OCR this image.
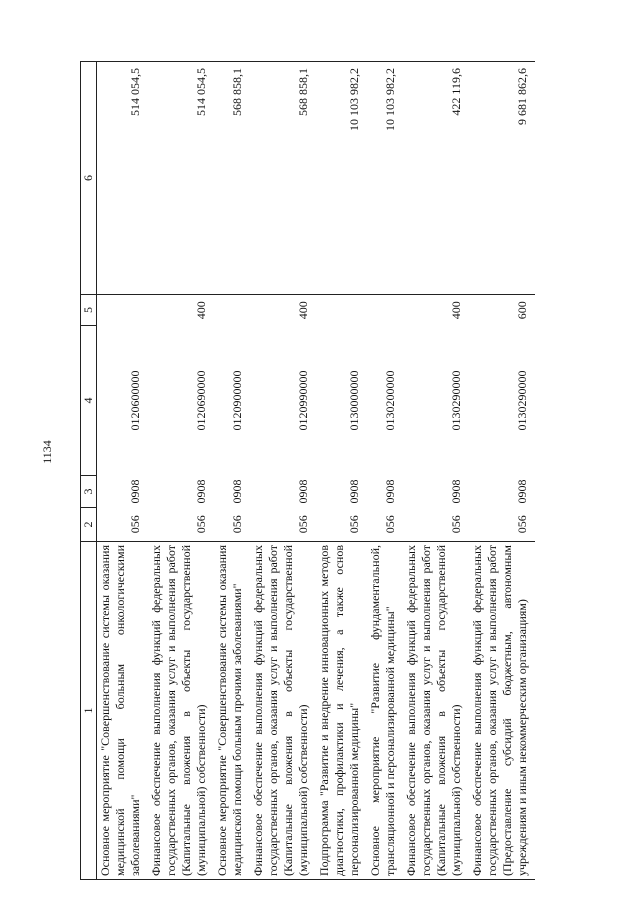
1134
1	2	3	4	5	6
Основное мероприятие "Совершенствование системы оказания медицинской помощи больным онкологическими заболеваниями"	056	0908	0120600000		514 054,5
Финансовое обеспечение выполнения функций федеральных государственных органов, оказания услуг и выполнения работ (Капитальные вложения в объекты государственной (муниципальной) собственности)	056	0908	0120690000	400	514 054,5
Основное мероприятие "Совершенствование системы оказания медицинской помощи больным прочими заболеваниями"	056	0908	0120900000		568 858,1
Финансовое обеспечение выполнения функций федеральных государственных органов, оказания услуг и выполнения работ (Капитальные вложения в объекты государственной (муниципальной) собственности)	056	0908	0120990000	400	568 858,1
Подпрограмма "Развитие и внедрение инновационных методов диагностики, профилактики и лечения, а также основ персонализированной медицины"	056	0908	0130000000		10 103 982,2
Основное мероприятие "Развитие фундаментальной, трансляционной и персонализированной медицины"	056	0908	0130200000		10 103 982,2
Финансовое обеспечение выполнения функций федеральных государственных органов, оказания услуг и выполнения работ (Капитальные вложения в объекты государственной (муниципальной) собственности)	056	0908	0130290000	400	422 119,6
Финансовое обеспечение выполнения функций федеральных государственных органов, оказания услуг и выполнения работ (Предоставление субсидий бюджетным, автономным учреждениям и иным некоммерческим организациям)	056	0908	0130290000	600	9 681 862,6
